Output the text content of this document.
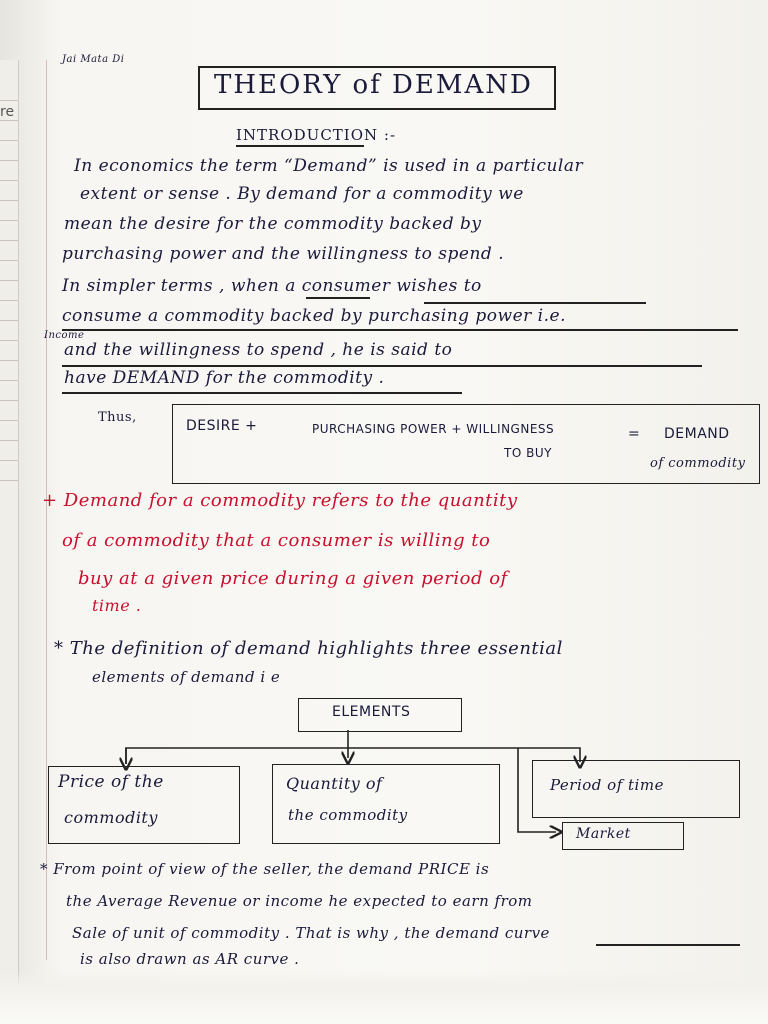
re
Jai Mata Di
THEORY of DEMAND
INTRODUCTION :-
In economics the term “Demand” is used in a particular
extent or sense . By demand for a commodity we
mean the desire for the commodity backed by
purchasing power and the willingness to spend .
In simpler terms , when a consumer wishes to
consume a commodity backed by purchasing power i.e.
Income
and the willingness to spend , he is said to
have DEMAND for the commodity .
Thus,
DESIRE +	PURCHASING POWER + WILLINGNESS
TO BUY
= DEMAND
of commodity
+ Demand for a commodity refers to the quantity
of a commodity that a consumer is willing to
buy at a given price during a given period of
time .
* The definition of demand highlights three essential
elements of demand i e
ELEMENTS
Price of the
commodity
Quantity of
the commodity
Period of time
Market
* From point of view of the seller, the demand PRICE is
the Average Revenue or income he expected to earn from
Sale of unit of commodity . That is why , the demand curve
is also drawn as AR curve .
